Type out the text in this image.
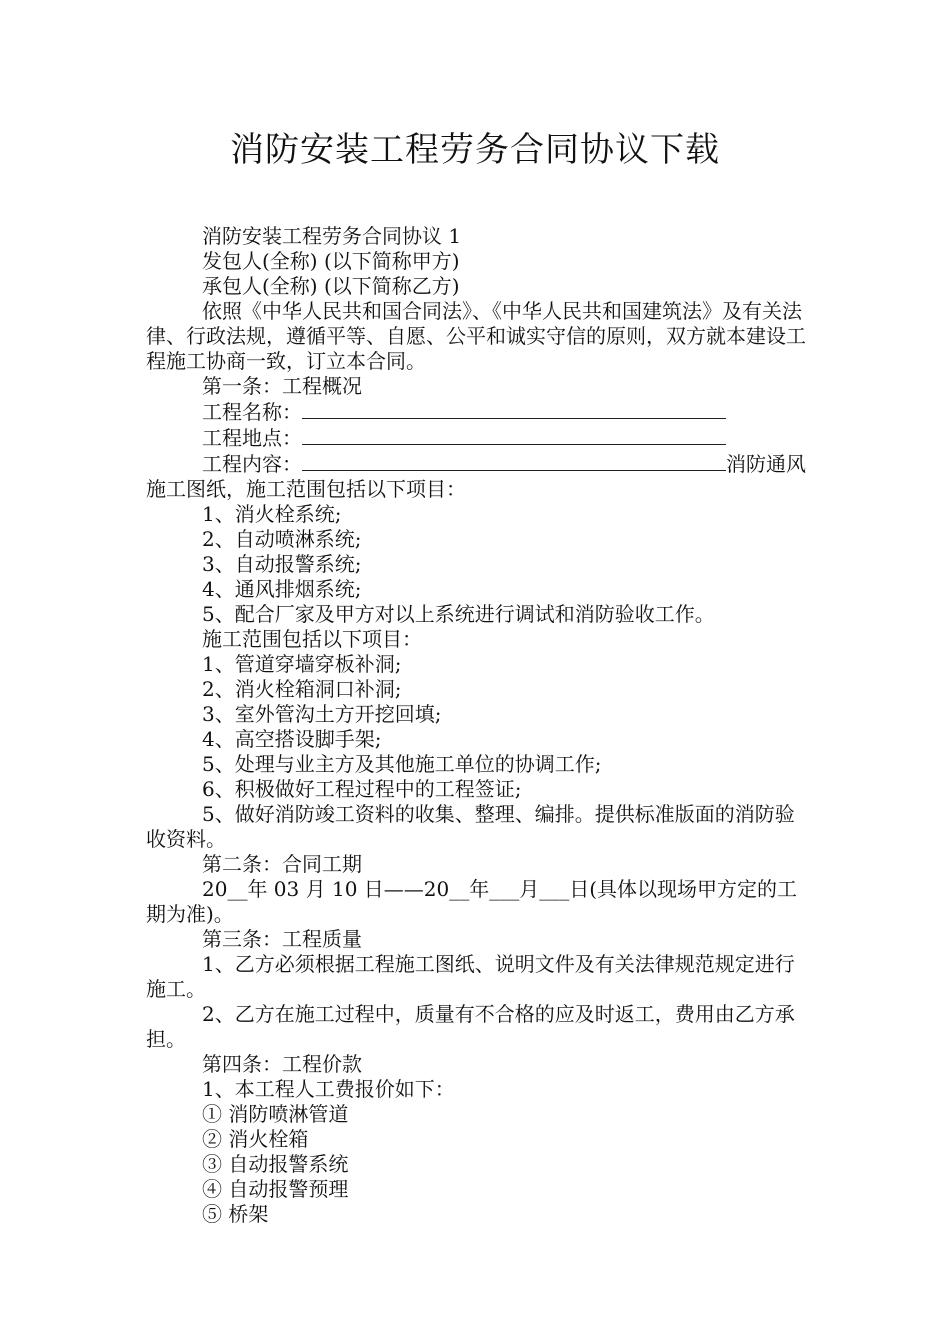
消防安装工程劳务合同协议下载

消防安装工程劳务合同协议 1

发包人(全称) (以下简称甲方)

承包人(全称) (以下简称乙方)

依照《中华人民共和国合同法》、《中华人民共和国建筑法》及有关法律、行政法规，遵循平等、自愿、公平和诚实守信的原则，双方就本建设工程施工协商一致，订立本合同。

第一条：工程概况

工程名称：

工程地点：

工程内容：	消防通风施工图纸，施工范围包括以下项目：

1、消火栓系统;

2、自动喷淋系统;

3、自动报警系统;

4、通风排烟系统;

5、配合厂家及甲方对以上系统进行调试和消防验收工作。

施工范围包括以下项目：

1、管道穿墙穿板补洞;

2、消火栓箱洞口补洞;

3、室外管沟土方开挖回填;

4、高空搭设脚手架;

5、处理与业主方及其他施工单位的协调工作;

6、积极做好工程过程中的工程签证;

5、做好消防竣工资料的收集、整理、编排。提供标准版面的消防验收资料。

第二条：合同工期

20__年 03 月 10 日——20__年___月___日(具体以现场甲方定的工期为准)。

第三条：工程质量

1、乙方必须根据工程施工图纸、说明文件及有关法律规范规定进行施工。

2、乙方在施工过程中，质量有不合格的应及时返工，费用由乙方承担。

第四条：工程价款

1、本工程人工费报价如下：

① 消防喷淋管道

② 消火栓箱

③ 自动报警系统

④ 自动报警预理

⑤ 桥架
